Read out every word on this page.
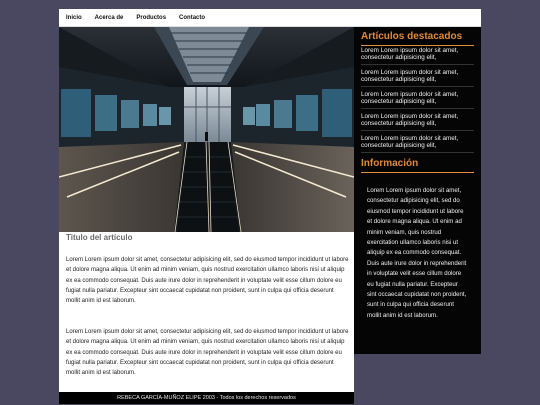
Inicio Acerca de Productos Contacto
Titulo del artículo

Lorem Lorem ipsum dolor sit amet, consectetur adipisicing elit, sed do eiusmod tempor incididunt ut labore et dolore magna aliqua. Ut enim ad minim veniam, quis nostrud exercitation ullamco laboris nisi ut aliquip ex ea commodo consequat. Duis aute irure dolor in reprehenderit in voluptate velit esse cillum dolore eu fugiat nulla pariatur. Excepteur sint occaecat cupidatat non proident, sunt in culpa qui officia deserunt mollit anim id est laborum.

Lorem Lorem ipsum dolor sit amet, consectetur adipisicing elit, sed do eiusmod tempor incididunt ut labore et dolore magna aliqua. Ut enim ad minim veniam, quis nostrud exercitation ullamco laboris nisi ut aliquip ex ea commodo consequat. Duis aute irure dolor in reprehenderit in voluptate velit esse cillum dolore eu fugiat nulla pariatur. Excepteur sint occaecat cupidatat non proident, sunt in culpa qui officia deserunt mollit anim id est laborum.

REBECA GARCÍA-MUÑOZ ELIPE 2003 - Todos los derechos reservados
Artículos destacados
Lorem Lorem ipsum dolor sit amet, consectetur adipisicing elit,
Lorem Lorem ipsum dolor sit amet, consectetur adipisicing elit,
Lorem Lorem ipsum dolor sit amet, consectetur adipisicing elit,
Lorem Lorem ipsum dolor sit amet, consectetur adipisicing elit,
Lorem Lorem ipsum dolor sit amet, consectetur adipisicing elit,
Información
Lorem Lorem ipsum dolor sit amet, consectetur adipisicing elit, sed do eiusmod tempor incididunt ut labore et dolore magna aliqua. Ut enim ad minim veniam, quis nostrud exercitation ullamco laboris nisi ut aliquip ex ea commodo consequat. Duis aute irure dolor in reprehenderit in voluptate velit esse cillum dolore eu fugiat nulla pariatur. Excepteur sint occaecat cupidatat non proident, sunt in culpa qui officia deserunt mollit anim id est laborum.
